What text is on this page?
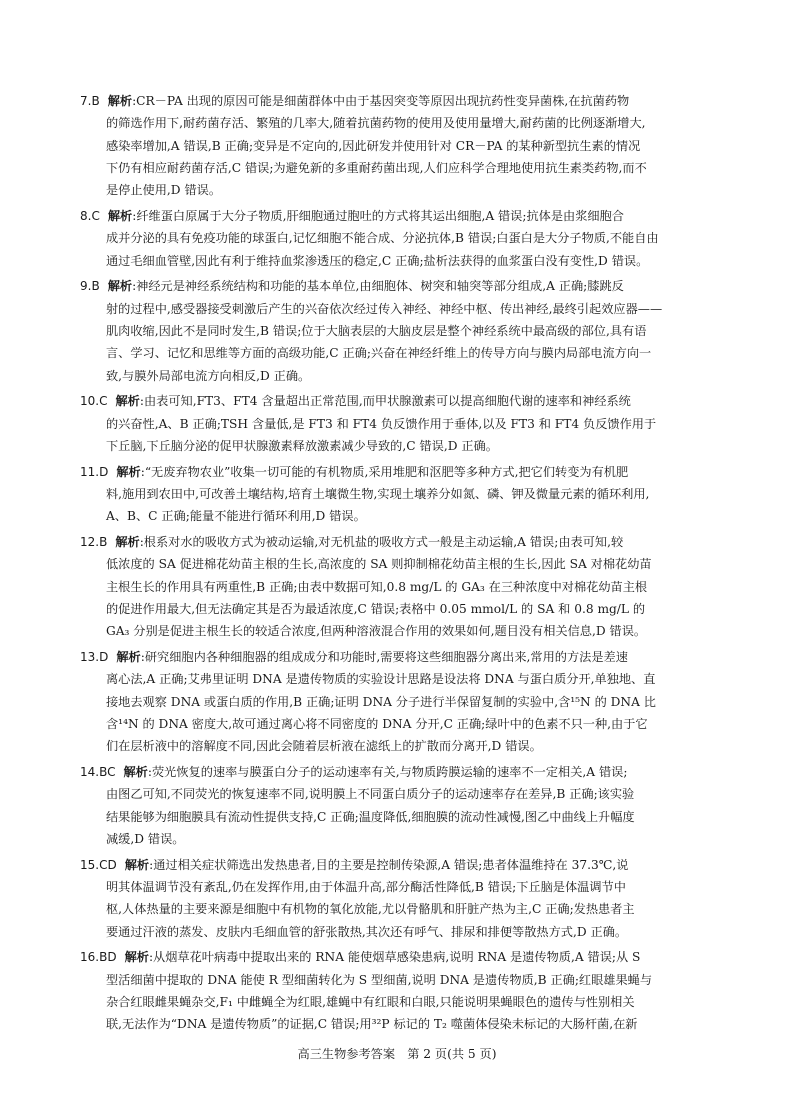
7.B 解析:CR－PA 出现的原因可能是细菌群体中由于基因突变等原因出现抗药性变异菌株,在抗菌药物
的筛选作用下,耐药菌存活、繁殖的几率大,随着抗菌药物的使用及使用量增大,耐药菌的比例逐渐增大,
感染率增加,A 错误,B 正确;变异是不定向的,因此研发并使用针对 CR－PA 的某种新型抗生素的情况
下仍有相应耐药菌存活,C 错误;为避免新的多重耐药菌出现,人们应科学合理地使用抗生素类药物,而不
是停止使用,D 错误。
8.C 解析:纤维蛋白原属于大分子物质,肝细胞通过胞吐的方式将其运出细胞,A 错误;抗体是由浆细胞合
成并分泌的具有免疫功能的球蛋白,记忆细胞不能合成、分泌抗体,B 错误;白蛋白是大分子物质,不能自由
通过毛细血管壁,因此有利于维持血浆渗透压的稳定,C 正确;盐析法获得的血浆蛋白没有变性,D 错误。
9.B 解析:神经元是神经系统结构和功能的基本单位,由细胞体、树突和轴突等部分组成,A 正确;膝跳反
射的过程中,感受器接受刺激后产生的兴奋依次经过传入神经、神经中枢、传出神经,最终引起效应器——
肌肉收缩,因此不是同时发生,B 错误;位于大脑表层的大脑皮层是整个神经系统中最高级的部位,具有语
言、学习、记忆和思维等方面的高级功能,C 正确;兴奋在神经纤维上的传导方向与膜内局部电流方向一
致,与膜外局部电流方向相反,D 正确。
10.C 解析:由表可知,FT3、FT4 含量超出正常范围,而甲状腺激素可以提高细胞代谢的速率和神经系统
的兴奋性,A、B 正确;TSH 含量低,是 FT3 和 FT4 负反馈作用于垂体,以及 FT3 和 FT4 负反馈作用于
下丘脑,下丘脑分泌的促甲状腺激素释放激素减少导致的,C 错误,D 正确。
11.D 解析:“无废弃物农业”收集一切可能的有机物质,采用堆肥和沤肥等多种方式,把它们转变为有机肥
料,施用到农田中,可改善土壤结构,培育土壤微生物,实现土壤养分如氮、磷、钾及微量元素的循环利用,
A、B、C 正确;能量不能进行循环利用,D 错误。
12.B 解析:根系对水的吸收方式为被动运输,对无机盐的吸收方式一般是主动运输,A 错误;由表可知,较
低浓度的 SA 促进棉花幼苗主根的生长,高浓度的 SA 则抑制棉花幼苗主根的生长,因此 SA 对棉花幼苗
主根生长的作用具有两重性,B 正确;由表中数据可知,0.8 mg/L 的 GA₃ 在三种浓度中对棉花幼苗主根
的促进作用最大,但无法确定其是否为最适浓度,C 错误;表格中 0.05 mmol/L 的 SA 和 0.8 mg/L 的
GA₃ 分别是促进主根生长的较适合浓度,但两种溶液混合作用的效果如何,题目没有相关信息,D 错误。
13.D 解析:研究细胞内各种细胞器的组成成分和功能时,需要将这些细胞器分离出来,常用的方法是差速
离心法,A 正确;艾弗里证明 DNA 是遗传物质的实验设计思路是设法将 DNA 与蛋白质分开,单独地、直
接地去观察 DNA 或蛋白质的作用,B 正确;证明 DNA 分子进行半保留复制的实验中,含¹⁵N 的 DNA 比
含¹⁴N 的 DNA 密度大,故可通过离心将不同密度的 DNA 分开,C 正确;绿叶中的色素不只一种,由于它
们在层析液中的溶解度不同,因此会随着层析液在滤纸上的扩散而分离开,D 错误。
14.BC 解析:荧光恢复的速率与膜蛋白分子的运动速率有关,与物质跨膜运输的速率不一定相关,A 错误;
由图乙可知,不同荧光的恢复速率不同,说明膜上不同蛋白质分子的运动速率存在差异,B 正确;该实验
结果能够为细胞膜具有流动性提供支持,C 正确;温度降低,细胞膜的流动性减慢,图乙中曲线上升幅度
减缓,D 错误。
15.CD 解析:通过相关症状筛选出发热患者,目的主要是控制传染源,A 错误;患者体温维持在 37.3℃,说
明其体温调节没有紊乱,仍在发挥作用,由于体温升高,部分酶活性降低,B 错误;下丘脑是体温调节中
枢,人体热量的主要来源是细胞中有机物的氧化放能,尤以骨骼肌和肝脏产热为主,C 正确;发热患者主
要通过汗液的蒸发、皮肤内毛细血管的舒张散热,其次还有呼气、排尿和排便等散热方式,D 正确。
16.BD 解析:从烟草花叶病毒中提取出来的 RNA 能使烟草感染患病,说明 RNA 是遗传物质,A 错误;从 S
型活细菌中提取的 DNA 能使 R 型细菌转化为 S 型细菌,说明 DNA 是遗传物质,B 正确;红眼雄果蝇与
杂合红眼雌果蝇杂交,F₁ 中雌蝇全为红眼,雄蝇中有红眼和白眼,只能说明果蝇眼色的遗传与性别相关
联,无法作为“DNA 是遗传物质”的证据,C 错误;用³²P 标记的 T₂ 噬菌体侵染未标记的大肠杆菌,在新
高三生物参考答案　第 2 页(共 5 页)
